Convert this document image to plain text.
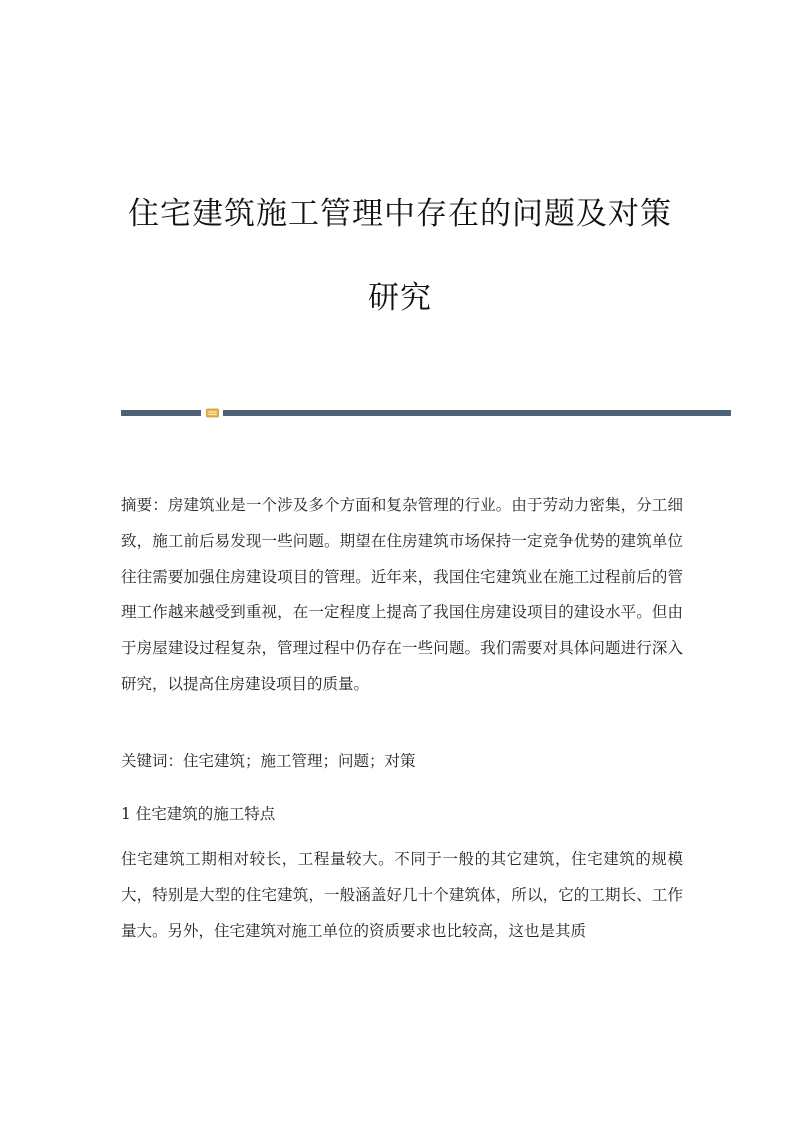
住宅建筑施工管理中存在的问题及对策
研究

摘要：房建筑业是一个涉及多个方面和复杂管理的行业。由于劳动力密集，分工细致，施工前后易发现一些问题。期望在住房建筑市场保持一定竞争优势的建筑单位往往需要加强住房建设项目的管理。近年来，我国住宅建筑业在施工过程前后的管理工作越来越受到重视，在一定程度上提高了我国住房建设项目的建设水平。但由于房屋建设过程复杂，管理过程中仍存在一些问题。我们需要对具体问题进行深入研究，以提高住房建设项目的质量。

关键词：住宅建筑；施工管理；问题；对策

1 住宅建筑的施工特点

住宅建筑工期相对较长，工程量较大。不同于一般的其它建筑，住宅建筑的规模大，特别是大型的住宅建筑，一般涵盖好几十个建筑体，所以，它的工期长、工作量大。另外，住宅建筑对施工单位的资质要求也比较高，这也是其质
